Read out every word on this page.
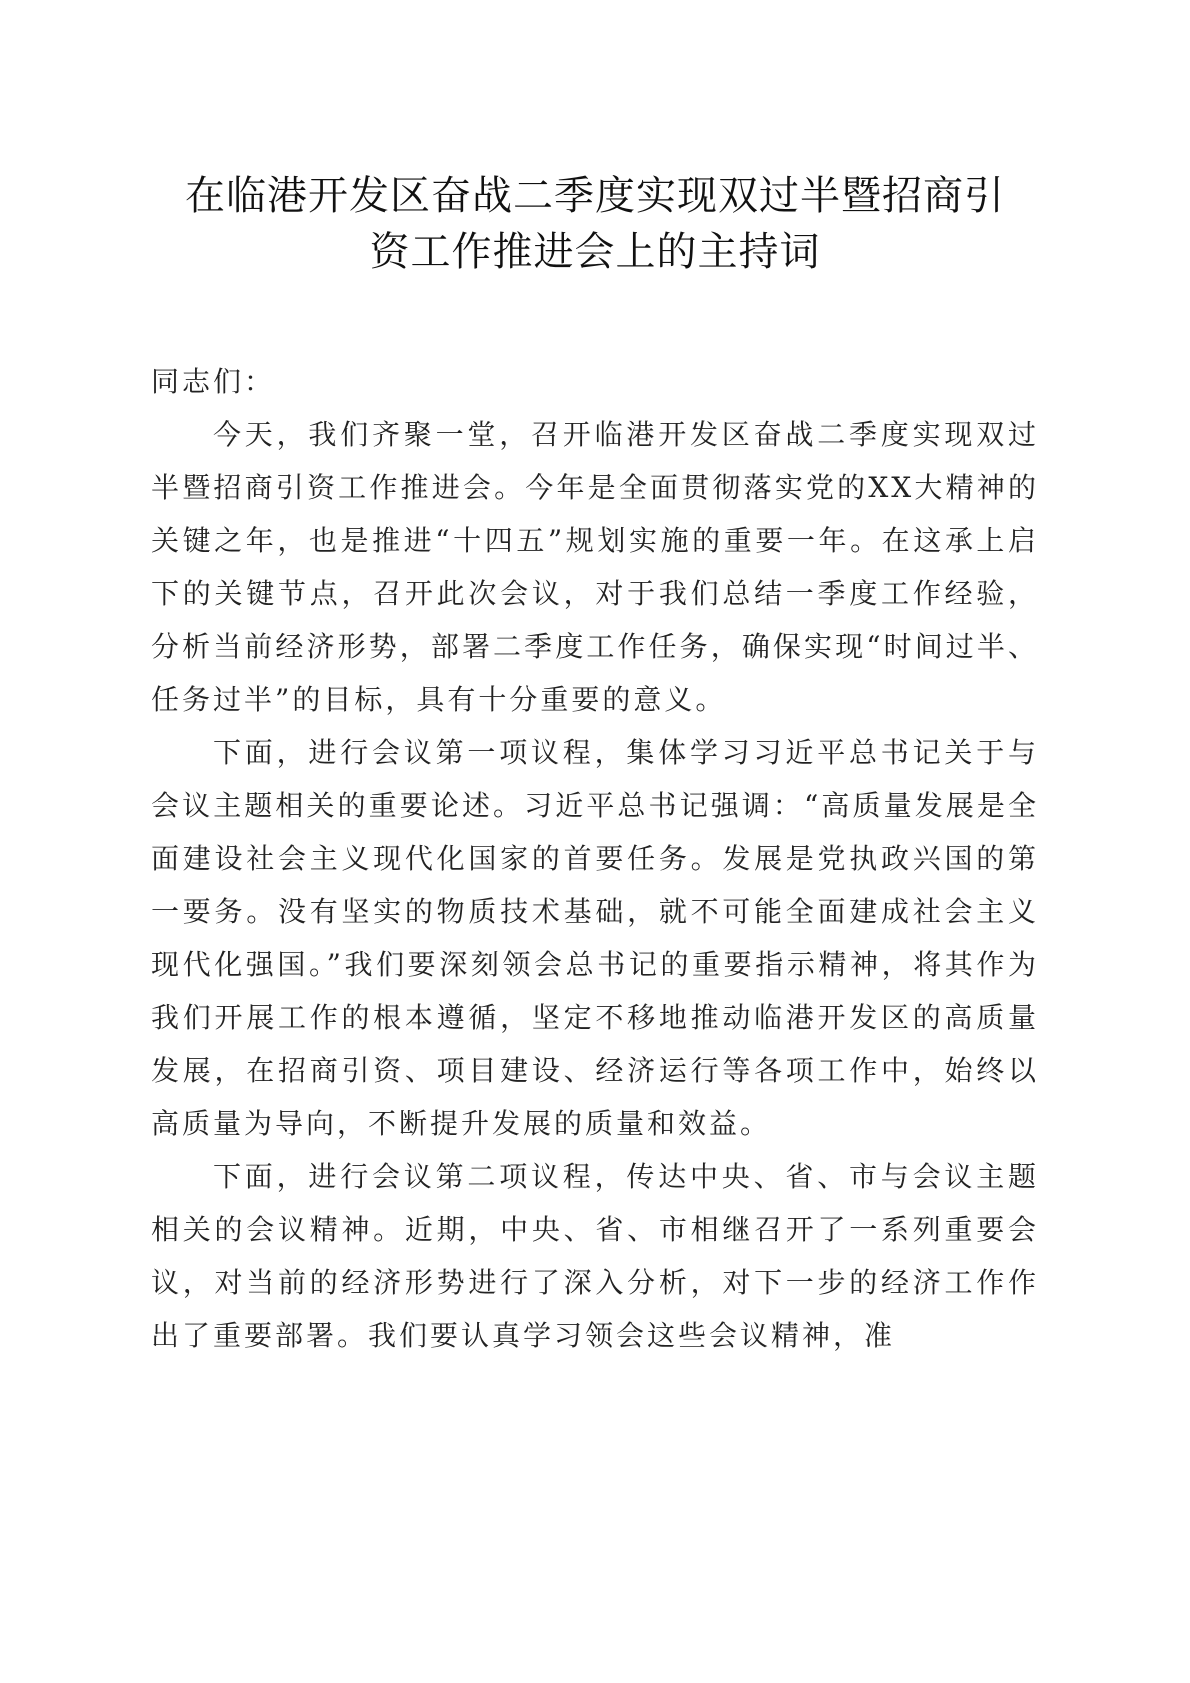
在临港开发区奋战二季度实现双过半暨招商引
资工作推进会上的主持词

同志们：

今天，我们齐聚一堂，召开临港开发区奋战二季度实现双过半暨招商引资工作推进会。今年是全面贯彻落实党的XX大精神的关键之年，也是推进“十四五”规划实施的重要一年。在这承上启下的关键节点，召开此次会议，对于我们总结一季度工作经验，分析当前经济形势，部署二季度工作任务，确保实现“时间过半、任务过半”的目标，具有十分重要的意义。

下面，进行会议第一项议程，集体学习习近平总书记关于与会议主题相关的重要论述。习近平总书记强调：“高质量发展是全面建设社会主义现代化国家的首要任务。发展是党执政兴国的第一要务。没有坚实的物质技术基础，就不可能全面建成社会主义现代化强国。”我们要深刻领会总书记的重要指示精神，将其作为我们开展工作的根本遵循，坚定不移地推动临港开发区的高质量发展，在招商引资、项目建设、经济运行等各项工作中，始终以高质量为导向，不断提升发展的质量和效益。

下面，进行会议第二项议程，传达中央、省、市与会议主题相关的会议精神。近期，中央、省、市相继召开了一系列重要会议，对当前的经济形势进行了深入分析，对下一步的经济工作作出了重要部署。我们要认真学习领会这些会议精神，准
